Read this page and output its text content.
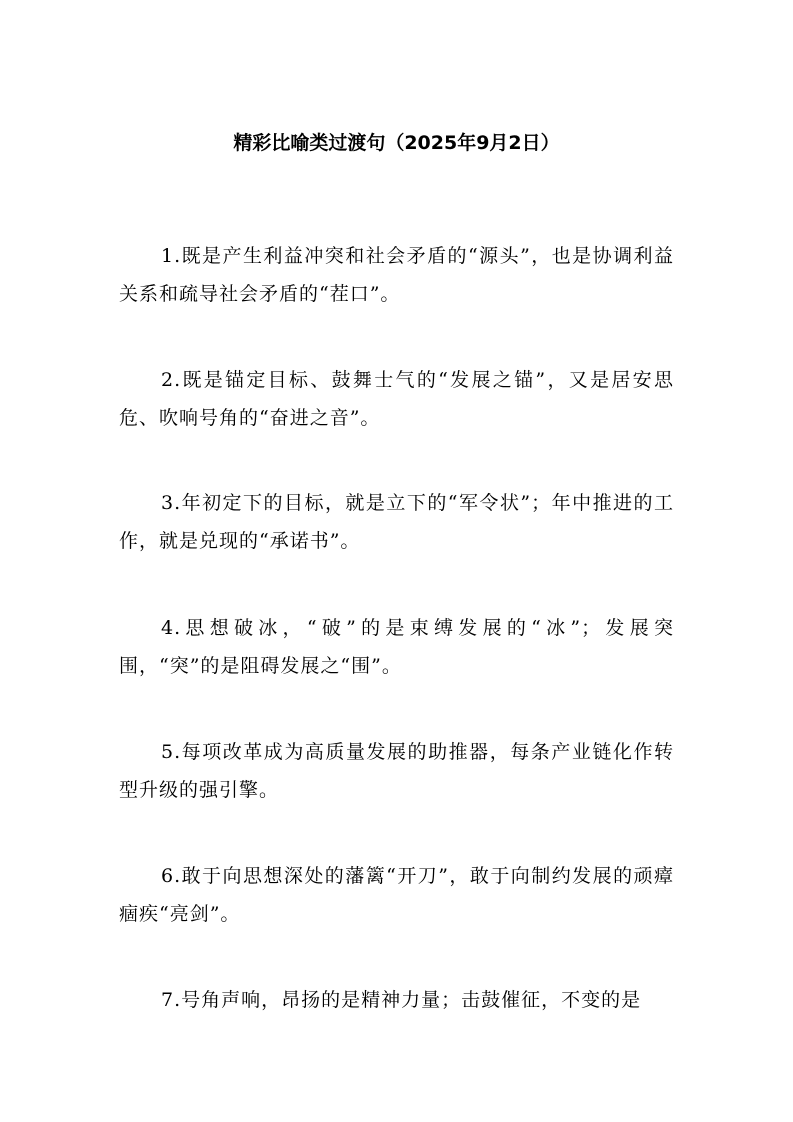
精彩比喻类过渡句（2025年9月2日）

1.既是产生利益冲突和社会矛盾的“源头”，也是协调利益关系和疏导社会矛盾的“茬口”。

2.既是锚定目标、鼓舞士气的“发展之锚”，又是居安思危、吹响号角的“奋进之音”。

3.年初定下的目标，就是立下的“军令状”；年中推进的工作，就是兑现的“承诺书”。

4.思想破冰，“破”的是束缚发展的“冰”；发展突围，“突”的是阻碍发展之“围”。

5.每项改革成为高质量发展的助推器，每条产业链化作转型升级的强引擎。

6.敢于向思想深处的藩篱“开刀”，敢于向制约发展的顽瘴痼疾“亮剑”。

7.号角声响，昂扬的是精神力量；击鼓催征，不变的是
